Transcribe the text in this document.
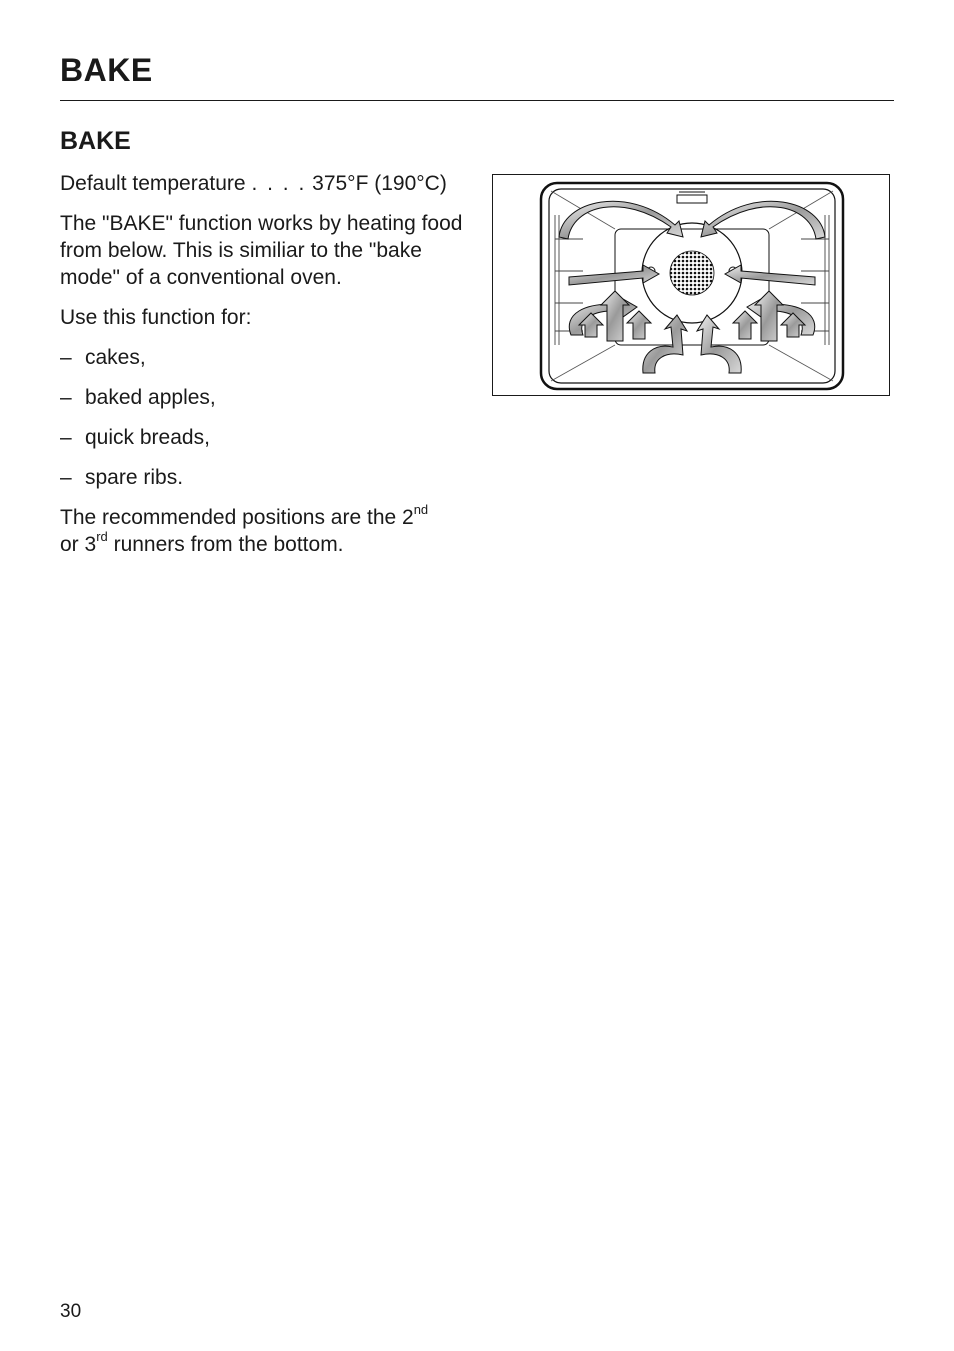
BAKE
BAKE

Default temperature . . . . 375°F (190°C)

The "BAKE" function works by heating food from below. This is similiar to the "bake mode" of a conventional oven.

Use this function for:

– cakes,
– baked apples,
– quick breads,
– spare ribs.

The recommended positions are the 2nd
or 3rd runners from the bottom.

30
